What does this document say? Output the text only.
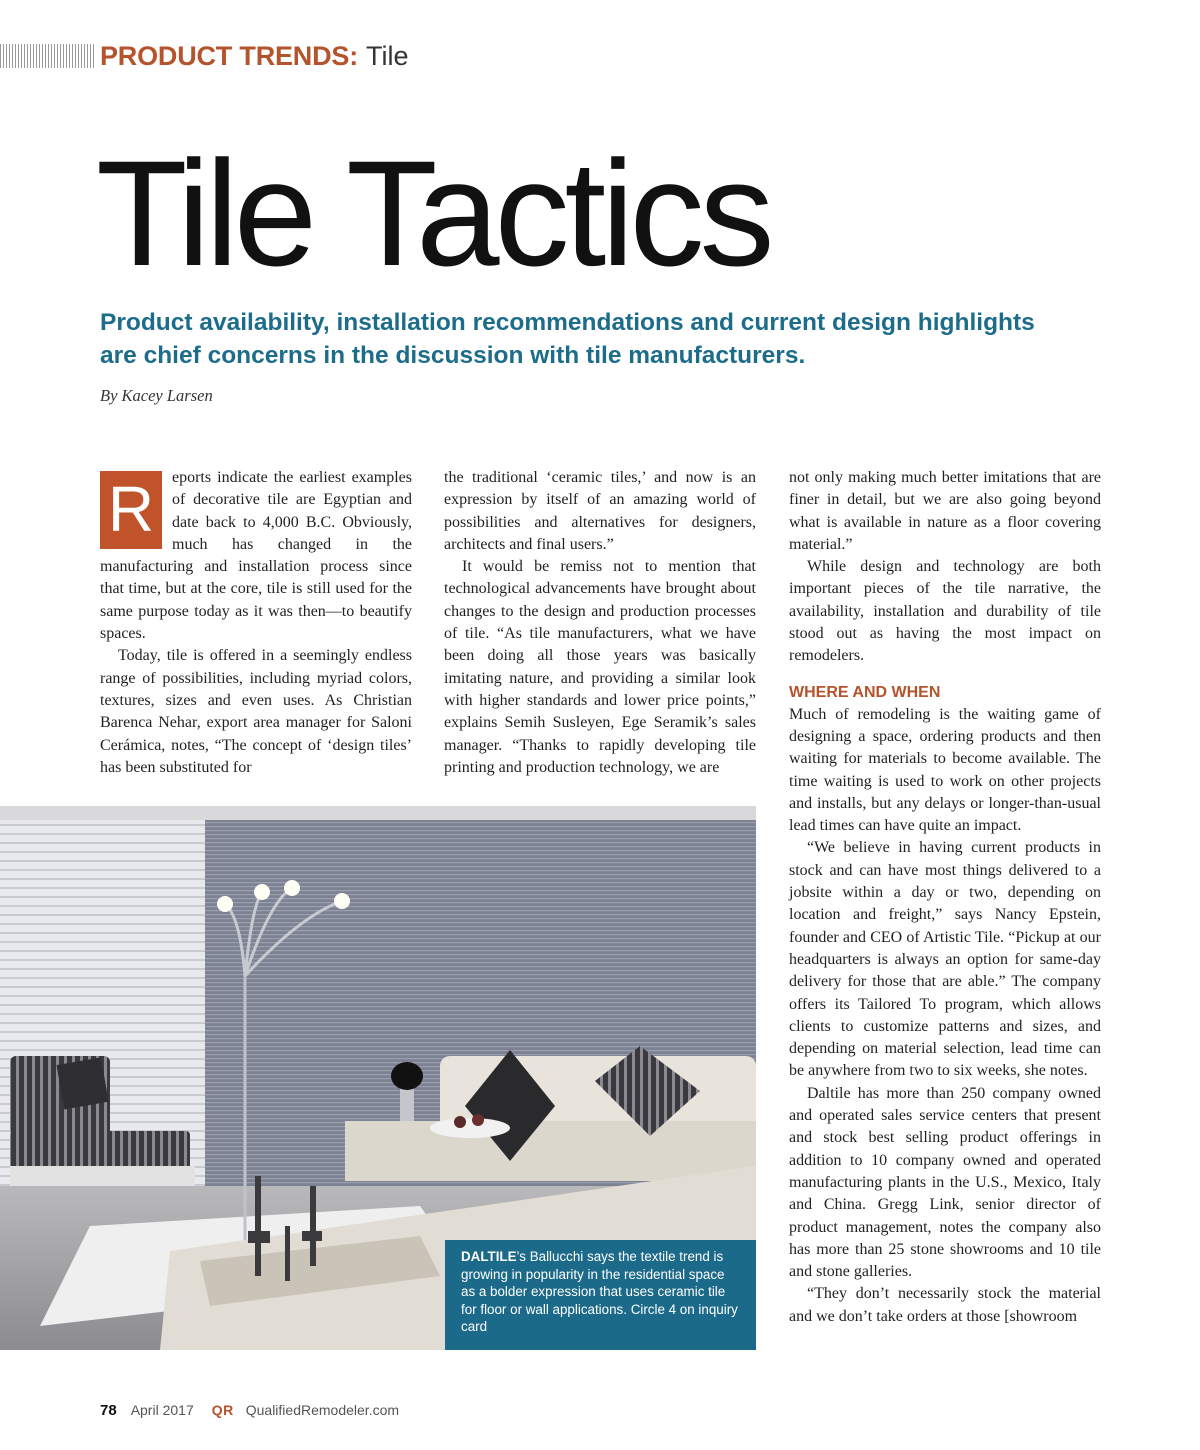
PRODUCT TRENDS: Tile
Tile Tactics
Product availability, installation recommendations and current design highlights are chief concerns in the discussion with tile manufacturers.
By Kacey Larsen

R	eports indicate the earliest examples of decorative tile are Egyptian and date back to 4,000 B.C. Obviously, much has changed in the manufacturing and installation process since that time, but at the core, tile is still used for the same purpose today as it was then—to beautify spaces.

Today, tile is offered in a seemingly endless range of possibilities, including myriad colors, textures, sizes and even uses. As Christian Barenca Nehar, export area manager for Saloni Cerámica, notes, “The concept of ‘design tiles’ has been substituted for

the traditional ‘ceramic tiles,’ and now is an expression by itself of an amazing world of possibilities and alternatives for designers, architects and final users.”

It would be remiss not to mention that technological advancements have brought about changes to the design and production processes of tile. “As tile manufacturers, what we have been doing all those years was basically imitating nature, and providing a similar look with higher standards and lower price points,” explains Semih Susleyen, Ege Seramik’s sales manager. “Thanks to rapidly developing tile printing and production technology, we are

not only making much better imitations that are finer in detail, but we are also going beyond what is available in nature as a floor covering material.”

While design and technology are both important pieces of the tile narrative, the availability, installation and durability of tile stood out as having the most impact on remodelers.

WHERE AND WHEN

Much of remodeling is the waiting game of designing a space, ordering products and then waiting for materials to become available. The time waiting is used to work on other projects and installs, but any delays or longer-than-usual lead times can have quite an impact.

“We believe in having current products in stock and can have most things delivered to a jobsite within a day or two, depending on location and freight,” says Nancy Epstein, founder and CEO of Artistic Tile. “Pickup at our headquarters is always an option for same-day delivery for those that are able.” The company offers its Tailored To program, which allows clients to customize patterns and sizes, and depending on material selection, lead time can be anywhere from two to six weeks, she notes.

Daltile has more than 250 company owned and operated sales service centers that present and stock best selling product offerings in addition to 10 company owned and operated manufacturing plants in the U.S., Mexico, Italy and China. Gregg Link, senior director of product management, notes the company also has more than 25 stone showrooms and 10 tile and stone galleries.

“They don’t necessarily stock the material and we don’t take orders at those [showroom

DALTILE’s Ballucchi says the textile trend is growing in popularity in the residential space as a bolder expression that uses ceramic tile for floor or wall applications. Circle 4 on inquiry card
78 April 2017 QR QualifiedRemodeler.com
